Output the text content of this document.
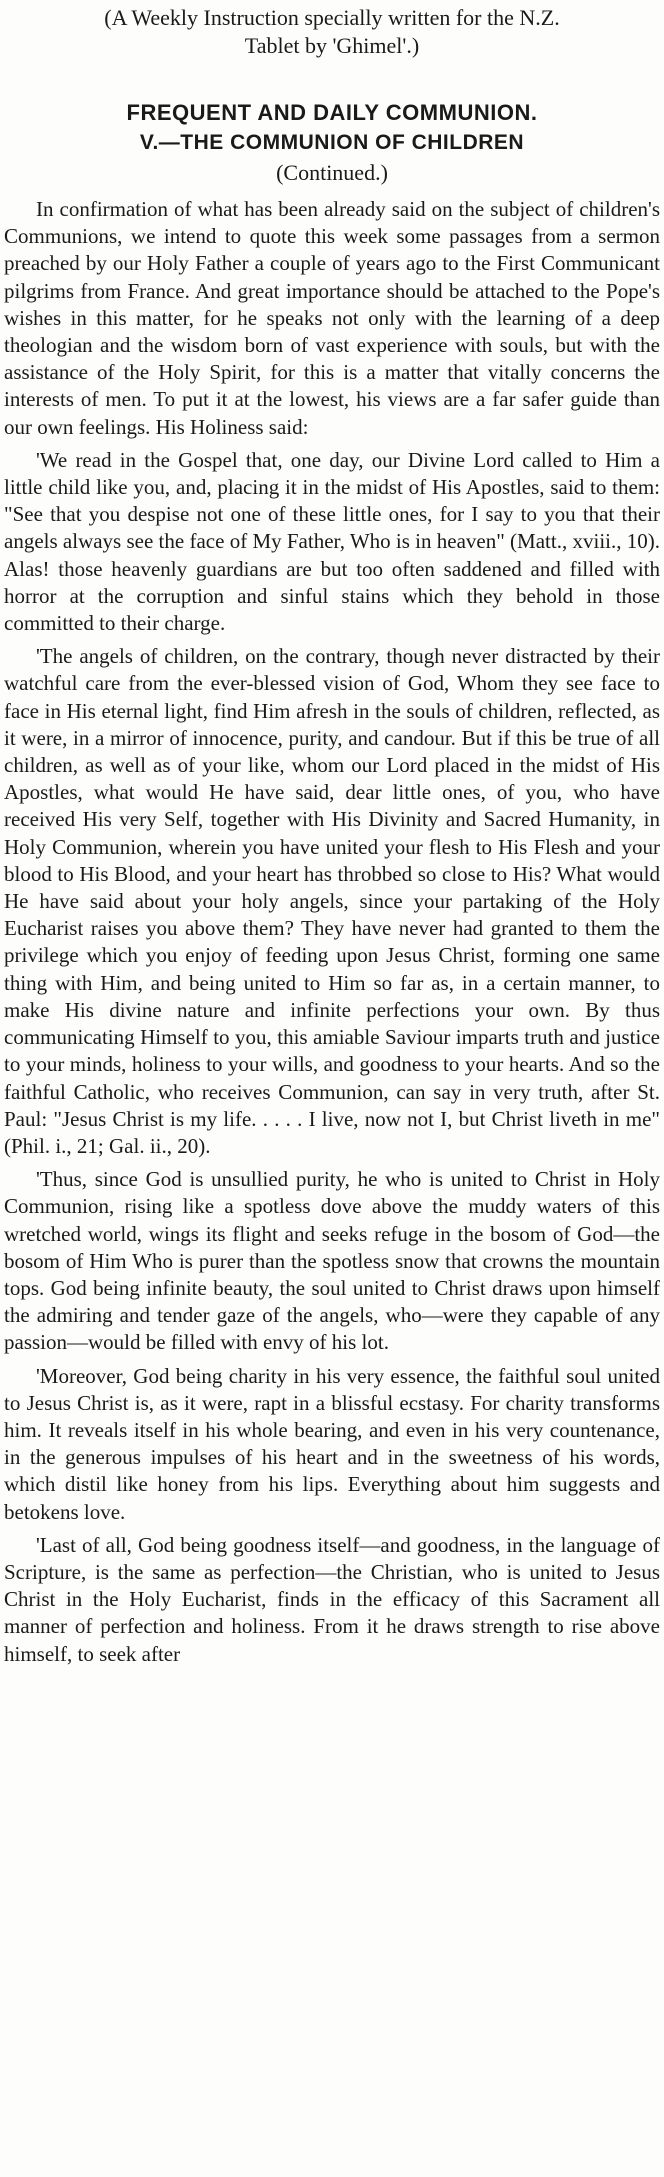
(A Weekly Instruction specially written for the N.Z.

Tablet by 'Ghimel'.)

FREQUENT AND DAILY COMMUNION.
V.—THE COMMUNION OF CHILDREN

(Continued.)

In confirmation of what has been already said on the subject of children's Communions, we intend to quote this week some passages from a sermon preached by our Holy Father a couple of years ago to the First Communicant pilgrims from France. And great importance should be attached to the Pope's wishes in this matter, for he speaks not only with the learning of a deep theologian and the wisdom born of vast experience with souls, but with the assistance of the Holy Spirit, for this is a matter that vitally concerns the interests of men. To put it at the lowest, his views are a far safer guide than our own feelings. His Holiness said:

'We read in the Gospel that, one day, our Divine Lord called to Him a little child like you, and, placing it in the midst of His Apostles, said to them: "See that you despise not one of these little ones, for I say to you that their angels always see the face of My Father, Who is in heaven" (Matt., xviii., 10). Alas! those heavenly guardians are but too often saddened and filled with horror at the corruption and sinful stains which they behold in those committed to their charge.

'The angels of children, on the contrary, though never distracted by their watchful care from the ever-blessed vision of God, Whom they see face to face in His eternal light, find Him afresh in the souls of children, reflected, as it were, in a mirror of innocence, purity, and candour. But if this be true of all children, as well as of your like, whom our Lord placed in the midst of His Apostles, what would He have said, dear little ones, of you, who have received His very Self, together with His Divinity and Sacred Humanity, in Holy Communion, wherein you have united your flesh to His Flesh and your blood to His Blood, and your heart has throbbed so close to His? What would He have said about your holy angels, since your partaking of the Holy Eucharist raises you above them? They have never had granted to them the privilege which you enjoy of feeding upon Jesus Christ, forming one same thing with Him, and being united to Him so far as, in a certain manner, to make His divine nature and infinite perfections your own. By thus communicating Himself to you, this amiable Saviour imparts truth and justice to your minds, holiness to your wills, and goodness to your hearts. And so the faithful Catholic, who receives Communion, can say in very truth, after St. Paul: "Jesus Christ is my life. . . . . I live, now not I, but Christ liveth in me" (Phil. i., 21; Gal. ii., 20).

'Thus, since God is unsullied purity, he who is united to Christ in Holy Communion, rising like a spotless dove above the muddy waters of this wretched world, wings its flight and seeks refuge in the bosom of God—the bosom of Him Who is purer than the spotless snow that crowns the mountain tops. God being infinite beauty, the soul united to Christ draws upon himself the admiring and tender gaze of the angels, who—were they capable of any passion—would be filled with envy of his lot.

'Moreover, God being charity in his very essence, the faithful soul united to Jesus Christ is, as it were, rapt in a blissful ecstasy. For charity transforms him. It reveals itself in his whole bearing, and even in his very countenance, in the generous impulses of his heart and in the sweetness of his words, which distil like honey from his lips. Everything about him suggests and betokens love.

'Last of all, God being goodness itself—and goodness, in the language of Scripture, is the same as perfection—the Christian, who is united to Jesus Christ in the Holy Eucharist, finds in the efficacy of this Sacrament all manner of perfection and holiness. From it he draws strength to rise above himself, to seek after
